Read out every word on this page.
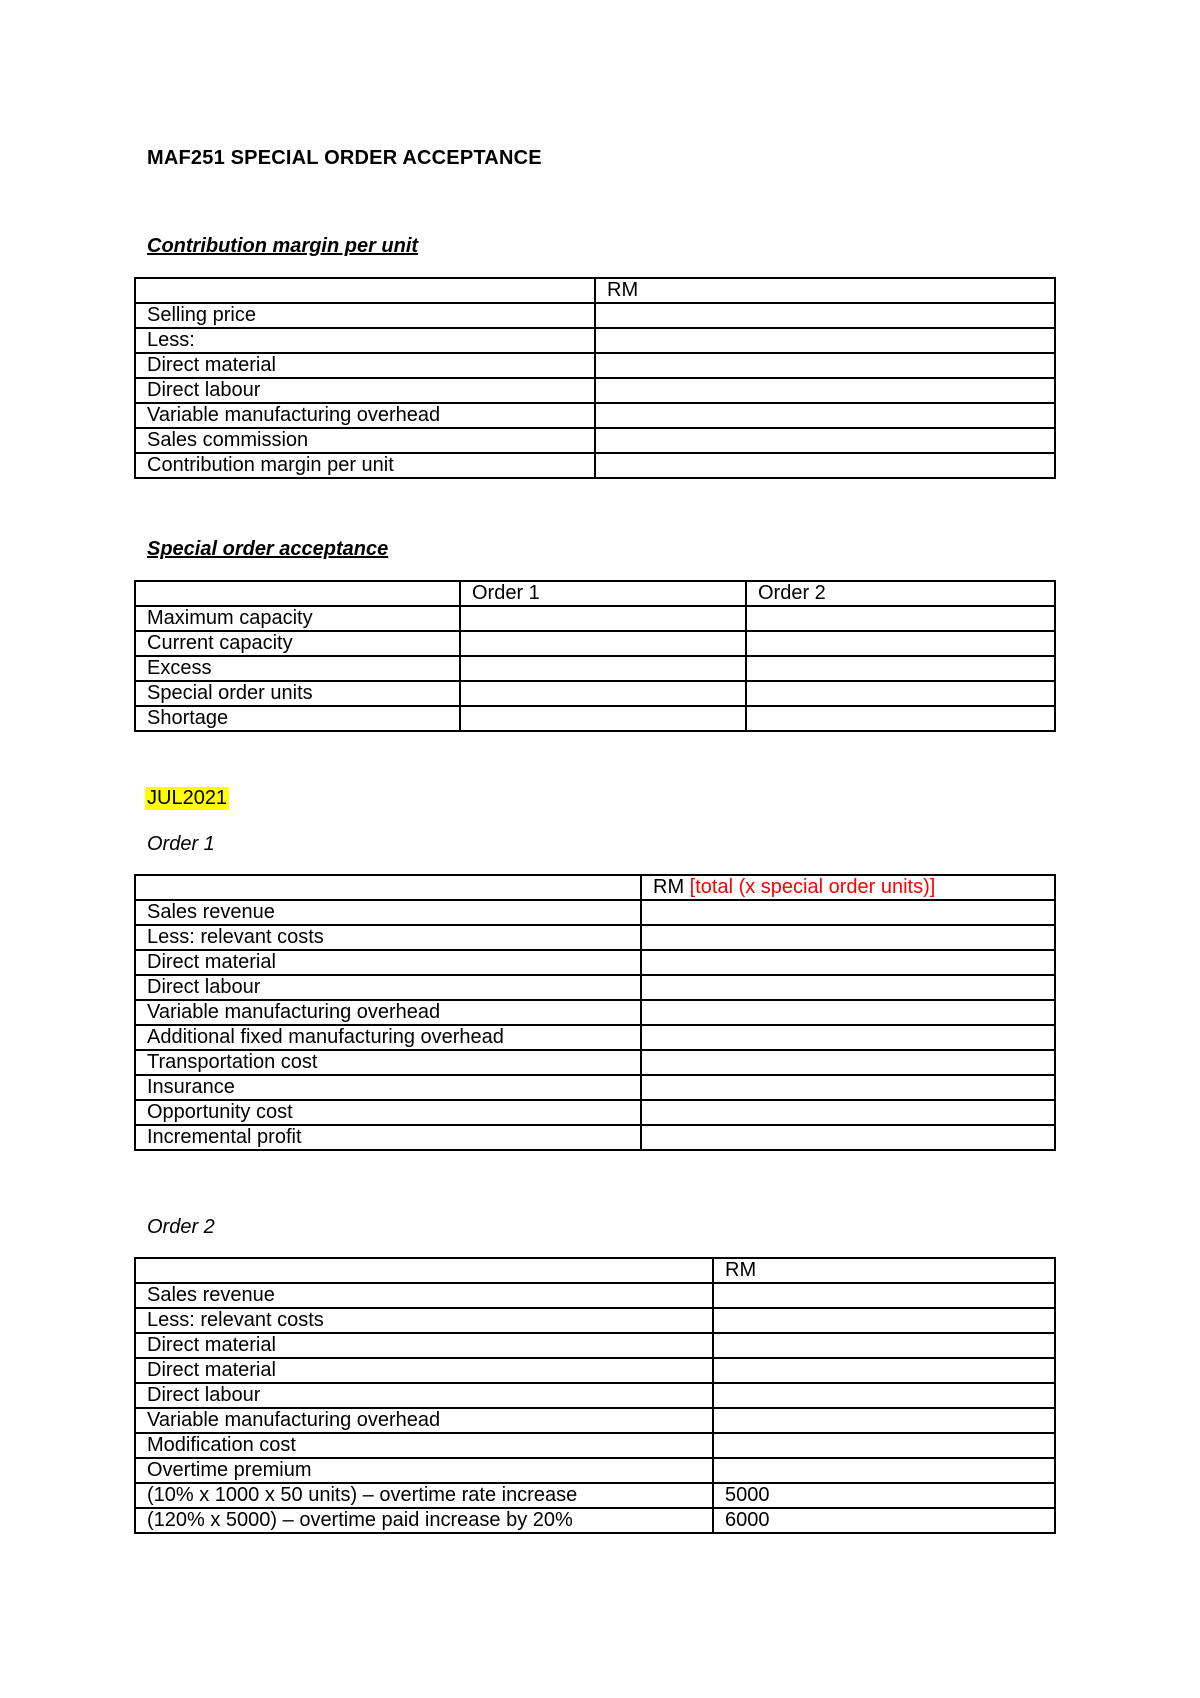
MAF251 SPECIAL ORDER ACCEPTANCE
Contribution margin per unit
	RM
Selling price	
Less:	
Direct material	
Direct labour	
Variable manufacturing overhead	
Sales commission	
Contribution margin per unit	
Special order acceptance
	Order 1	Order 2
Maximum capacity		
Current capacity		
Excess		
Special order units		
Shortage		
JUL2021
Order 1
	RM [total (x special order units)]
Sales revenue	
Less: relevant costs	
Direct material	
Direct labour	
Variable manufacturing overhead	
Additional fixed manufacturing overhead	
Transportation cost	
Insurance	
Opportunity cost	
Incremental profit	
Order 2
	RM
Sales revenue	
Less: relevant costs	
Direct material	
Direct material	
Direct labour	
Variable manufacturing overhead	
Modification cost	
Overtime premium	
(10% x 1000 x 50 units) – overtime rate increase	5000
(120% x 5000) – overtime paid increase by 20%	6000
